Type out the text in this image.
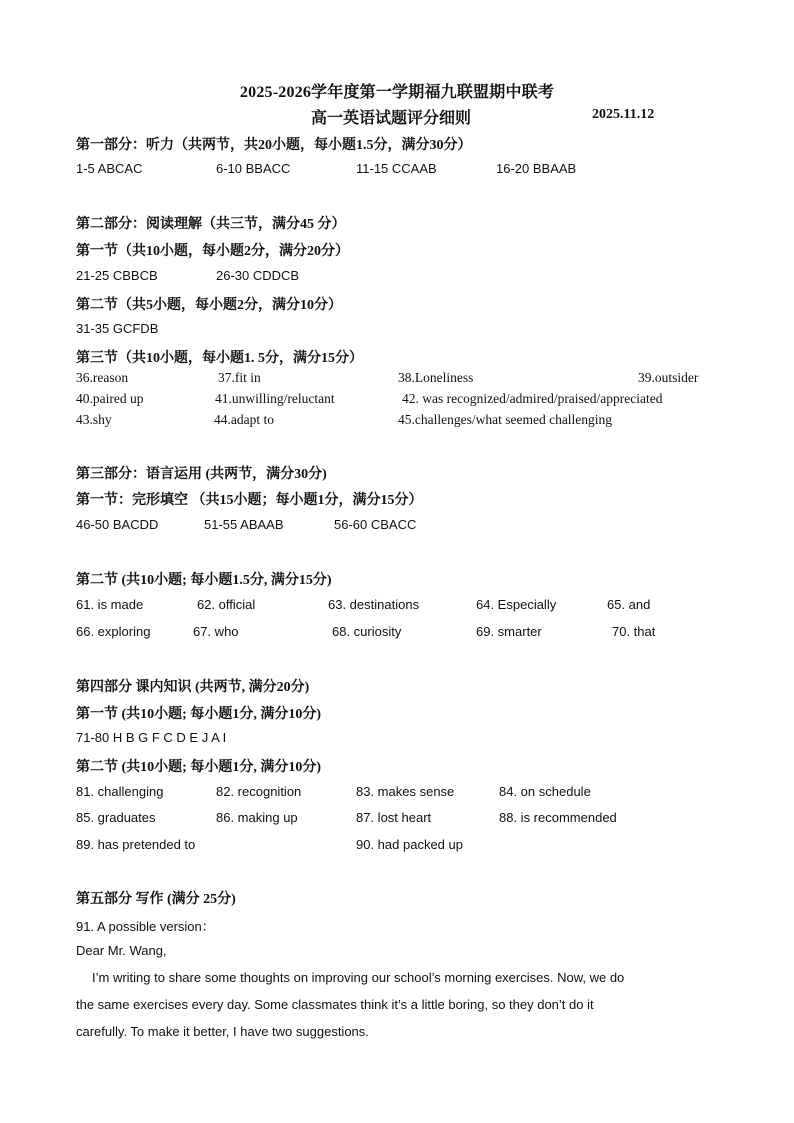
2025-2026学年度第一学期福九联盟期中联考
高一英语试题评分细则	2025.11.12
第一部分：听力（共两节，共20小题，每小题1.5分，满分30分）
1-5 ABCAC	6-10 BBACC	11-15 CCAAB	16-20 BBAAB
第二部分：阅读理解（共三节，满分45 分）
第一节（共10小题，每小题2分，满分20分）
21-25 CBBCB	26-30 CDDCB
第二节（共5小题，每小题2分，满分10分）
31-35 GCFDB
第三节（共10小题，每小题1. 5分，满分15分）
36.reason	37.fit in	38.Loneliness	39.outsider
40.paired up	41.unwilling/reluctant	42. was recognized/admired/praised/appreciated
43.shy	44.adapt to	45.challenges/what seemed challenging
第三部分：语言运用 (共两节，满分30分)
第一节：完形填空 （共15小题；每小题1分，满分15分）
46-50 BACDD	51-55 ABAAB	56-60 CBACC
第二节 (共10小题; 每小题1.5分, 满分15分)
61. is made	62. official	63. destinations	64. Especially	65. and
66. exploring	67. who	68. curiosity	69. smarter	70. that
第四部分 课内知识 (共两节, 满分20分)
第一节 (共10小题; 每小题1分, 满分10分)
71-80 H B G F C D E J A I
第二节 (共10小题; 每小题1分, 满分10分)
81. challenging	82. recognition	83. makes sense	84. on schedule
85. graduates	86. making up	87. lost heart	88. is recommended
89. has pretended to	90. had packed up
第五部分 写作 (满分 25分)
91. A possible version：
Dear Mr. Wang,
I’m writing to share some thoughts on improving our school’s morning exercises. Now, we do
the same exercises every day. Some classmates think it’s a little boring, so they don’t do it
carefully. To make it better, I have two suggestions.
